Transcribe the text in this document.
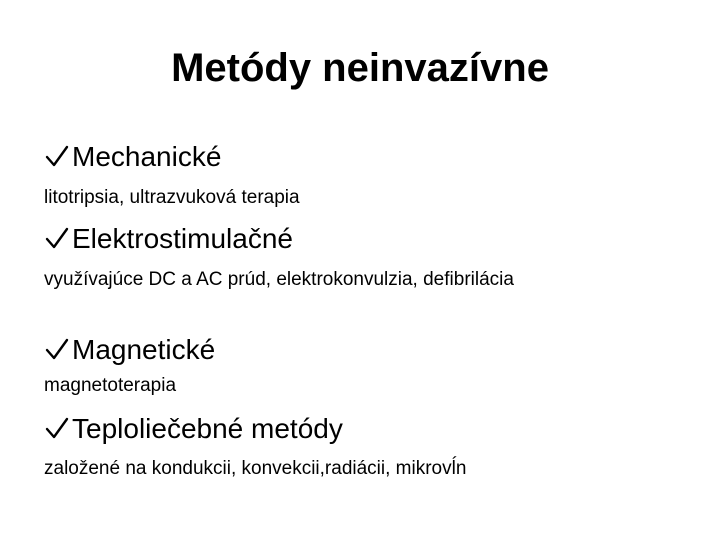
Metódy neinvazívne
Mechanické
litotripsia, ultrazvuková terapia
Elektrostimulačné
využívajúce DC a AC prúd, elektrokonvulzia, defibrilácia
Magnetické
magnetoterapia
Teploliečebné metódy
založené na kondukcii, konvekcii,radiácii, mikrovĺn
